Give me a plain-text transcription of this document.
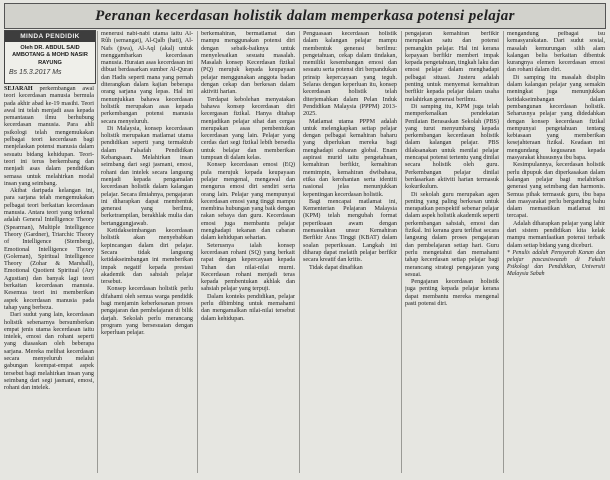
Peranan kecerdasan holistik dalam memperkasa potensi pelajar
MINDA PENDIDIK
Oleh DR. ABDUL SAID AMBOTANG & MOHD NASIR RAYUNG
Bs 15.3.2017 Ms

SEJARAH perkembangan awal teori kecerdasan manusia bermula pada akhir abad ke-19 masihi. Teori awal ini telah menjadi asas kepada pemantauan ilmu berhubung kecerdasan manusia. Para ahli psikologi telah mengemukakan pelbagai teori kecerdasan bagi menjelaskan potensi manusia dalam sesuatu bidang kehidupan. Teori-teori ini terus berkembang dan menjadi asas dalam pendidikan semasa untuk melahirkan modal insan yang seimbang.

Akibat daripada kelangan ini, para sarjana telah mengemukakan pelbagai teori berkaitan kecerdasan manusia. Antara teori yang terkenal adalah General Intelligence Theory (Spearman), Multiple Intelligence Theory (Gardner), Triarchic Theory of Intelligence (Sternberg), Emotional Intelligence Theory (Goleman), Spiritual Intelligence Theory (Zohar & Marshall), Emotional Quotient Spiritual (Ary Agustian) dan banyak lagi teori berkaitan kecerdasan manusia. Kesemua teori ini memberikan aspek kecerdasan manusia pada tahap yang berbeza.

Dari sudut yang lain, kecerdasan holistik sebenarnya bersumberkan empat jenis utama kecerdasan iaitu intelek, emosi dan rohani seperti yang diasaskan oleh beberapa sarjana. Mereka melihat kecerdasan secara menyeluruh melalui gabungan keempat-empat aspek tersebut bagi melahirkan insan yang seimbang dari segi jasmani, emosi, rohani dan intelek.

menerusi nabi-nabi utama iaitu Al-Rûh (semangat), Al-Qalb (hati), Al-Nafs (jiwa), Al-Aql (akal) untuk menggambarkan kecerdasan manusia. Huraian asas kecerdasan ini dibuat berdasarkan sumber Al-Quran dan Hadis seperti mana yang pernah diterangkan dalam kajian beberapa orang sarjana yang lepas. Hal ini menunjukkan bahawa kecerdasan holistik merupakan asas kepada perkembangan potensi manusia secara menyeluruh.

Di Malaysia, konsep kecerdasan holistik merupakan matlamat utama pendidikan seperti yang termaktub dalam Falsafah Pendidikan Kebangsaan. Melahirkan insan seimbang dari segi jasmani, emosi, rohani dan intelek secara langsung menjadi kepada pengamalan kecerdasan holistik dalam kalangan pelajar. Secara ilmiahnya, pengajaran ini diharapkan dapat membentuk generasi yang berilmu, berketrampilan, berakhlak mulia dan bertanggungjawab.

Ketidakseimbangan kecerdasan holistik akan menyebabkan kepincangan dalam diri pelajar. Secara tidak langsung ketidakseimbangan ini memberikan impak negatif kepada prestasi akademik dan sahsiah pelajar tersebut.

Konsep kecerdasan holistik perlu difahami oleh semua warga pendidik bagi menjamin keberkesanan proses pengajaran dan pembelajaran di bilik darjah. Sekolah perlu merancang program yang bersesuaian dengan keperluan pelajar.

berkemahiran, bermatlamat dan mampu menggunakan potensi diri dengan sebaik-baiknya untuk menyelesaikan sesuatu masalah. Masalah konsep Kecerdasan fizikal (PQ) merujuk kepada keupayaan pelajar menggunakan anggota badan dengan cekap dan berkesan dalam aktiviti harian.

Terdapat kebolehan menyatakan bahawa konsep kecerdasan diri kecergasan fizikal. Hanya ditahap menjadikan pelajar sihat dan cergas merupakan asas pembentukan kecerdasan yang lain. Pelajar yang cerdas dari segi fizikal lebih bersedia untuk belajar dan memberikan tumpuan di dalam kelas.

Konsep kecerdasan emosi (EQ) pula merujuk kepada keupayaan pelajar mengenal, mengawal dan mengurus emosi diri sendiri serta orang lain. Pelajar yang mempunyai kecerdasan emosi yang tinggi mampu membina hubungan yang baik dengan rakan sebaya dan guru. Kecerdasan emosi juga membantu pelajar menghadapi tekanan dan cabaran dalam kehidupan seharian.

Seterusnya ialah konsep kecerdasan rohani (SQ) yang berkait rapat dengan kepercayaan kepada Tuhan dan nilai-nilai murni. Kecerdasan rohani menjadi teras kepada pembentukan akhlak dan sahsiah pelajar yang terpuji.

Dalam konteks pendidikan, pelajar perlu dibimbing untuk memahami dan mengamalkan nilai-nilai tersebut dalam kehidupan.

Penguasaan kecerdasan holistik dalam kalangan pelajar mampu membentuk generasi berilmu: pengetahuan, cekap dalam tindakan, memiliki kesembangan emosi dan sesuatu serta potensi diri berpandukan prinsip kepercayaan yang teguh. Selaras dengan keperluan itu, konsep kecerdasan holistik telah diterjemahkan dalam Pelan Induk Pendidikan Malaysia (PPPM) 2013-2025.

Matlamat utama PPPM adalah untuk melengkapkan setiap pelajar dengan pelbagai kemahiran baharu yang diperlukan mereka bagi menghadapi cabaran global. Enam aspirasi murid iaitu pengetahuan, kemahiran berfikir, kemahiran memimpin, kemahiran dwibahasa, etika dan kerohanian serta identiti nasional jelas menunjukkan kepentingan kecerdasan holistik.

Bagi mencapai matlamat ini, Kementerian Pelajaran Malaysia (KPM) telah mengubah format peperiksaan awam dengan memasukkan unsur Kemahiran Berfikir Aras Tinggi (KBAT) dalam soalan peperiksaan. Langkah ini diharap dapat melatih pelajar berfikir secara kreatif dan kritis.

Tidak dapat dinafikan

pengajaran kemahiran berfikir merupakan satu dan potensi pemangkin pelajar. Hal ini kerana kepayaan berfikir memberi impak kepada pengetahuan, tingkah laku dan emosi pelajar dalam menghadapi pelbagai situasi. Justeru adalah penting untuk menyemai kemahiran berfikir kepada pelajar dalam usaha melahirkan generasi berilmu.

Di samping itu, KPM juga telah memperkenalkan pendekatan Penilaian Berasaskan Sekolah (PBS) yang turut menyumbang kepada perkembangan kecerdasan holistik dalam kalangan pelajar. PBS dilaksanakan untuk menilai pelajar mencapai potensi tertentu yang dinilai secara holistik oleh guru. Perkembangan pelajar dinilai berdasarkan aktiviti harian termasuk kokurikulum.

Di sekolah guru merupakan agen penting yang paling berkesan untuk merapatkan perspektif sebenar pelajar dalam aspek holistik akademik seperti perkembangan sahsiah, emosi dan fizikal. Ini kerana guru terlibat secara langsung dalam proses pengajaran dan pembelajaran setiap hari. Guru perlu mengetahui dan memahami tahap kecerdasan setiap pelajar bagi merancang strategi pengajaran yang sesuai.

Pengajaran kecerdasan holistik juga penting kepada pelajar kerana dapat membantu mereka mengenal pasti potensi diri.

mengandung pelbagai isu kemasyarakatan. Dari sudut sosial, masalah kemurungan silih alam kalangan belia berkaitan dibentuk kurangnya elemen kecerdasan emosi dan rohani dalam diri.

Di samping itu masalah disiplin dalam kalangan pelajar yang semakin meningkat juga menunjukkan ketidakseimbangan dalam pembangunan kecerdasan holistik. Seharusnya pelajar yang didedahkan dengan konsep kecerdasan fizikal mempunyai pengetahuan tentang kebiasaan yang memberikan kesejahteraan fizikal. Keadaan ini mengundang kegusaran kepada masyarakat khususnya ibu bapa.

Kesimpulannya, kecerdasan holistik perlu dipupuk dan diperkasakan dalam kalangan pelajar bagi melahirkan generasi yang seimbang dan harmonis. Semua pihak termasuk guru, ibu bapa dan masyarakat perlu berganding bahu dalam memastikan matlamat ini tercapai.

Adalah diharapkan pelajar yang lahir dari sistem pendidikan kita kelak mampu memanfaatkan potensi terbaik dalam setiap bidang yang diceburi.

* Penulis adalah Pensyarah Kanan dan pelajar pascasiswazah di Fakulti Psikologi dan Pendidikan, Universiti Malaysia Sabah
